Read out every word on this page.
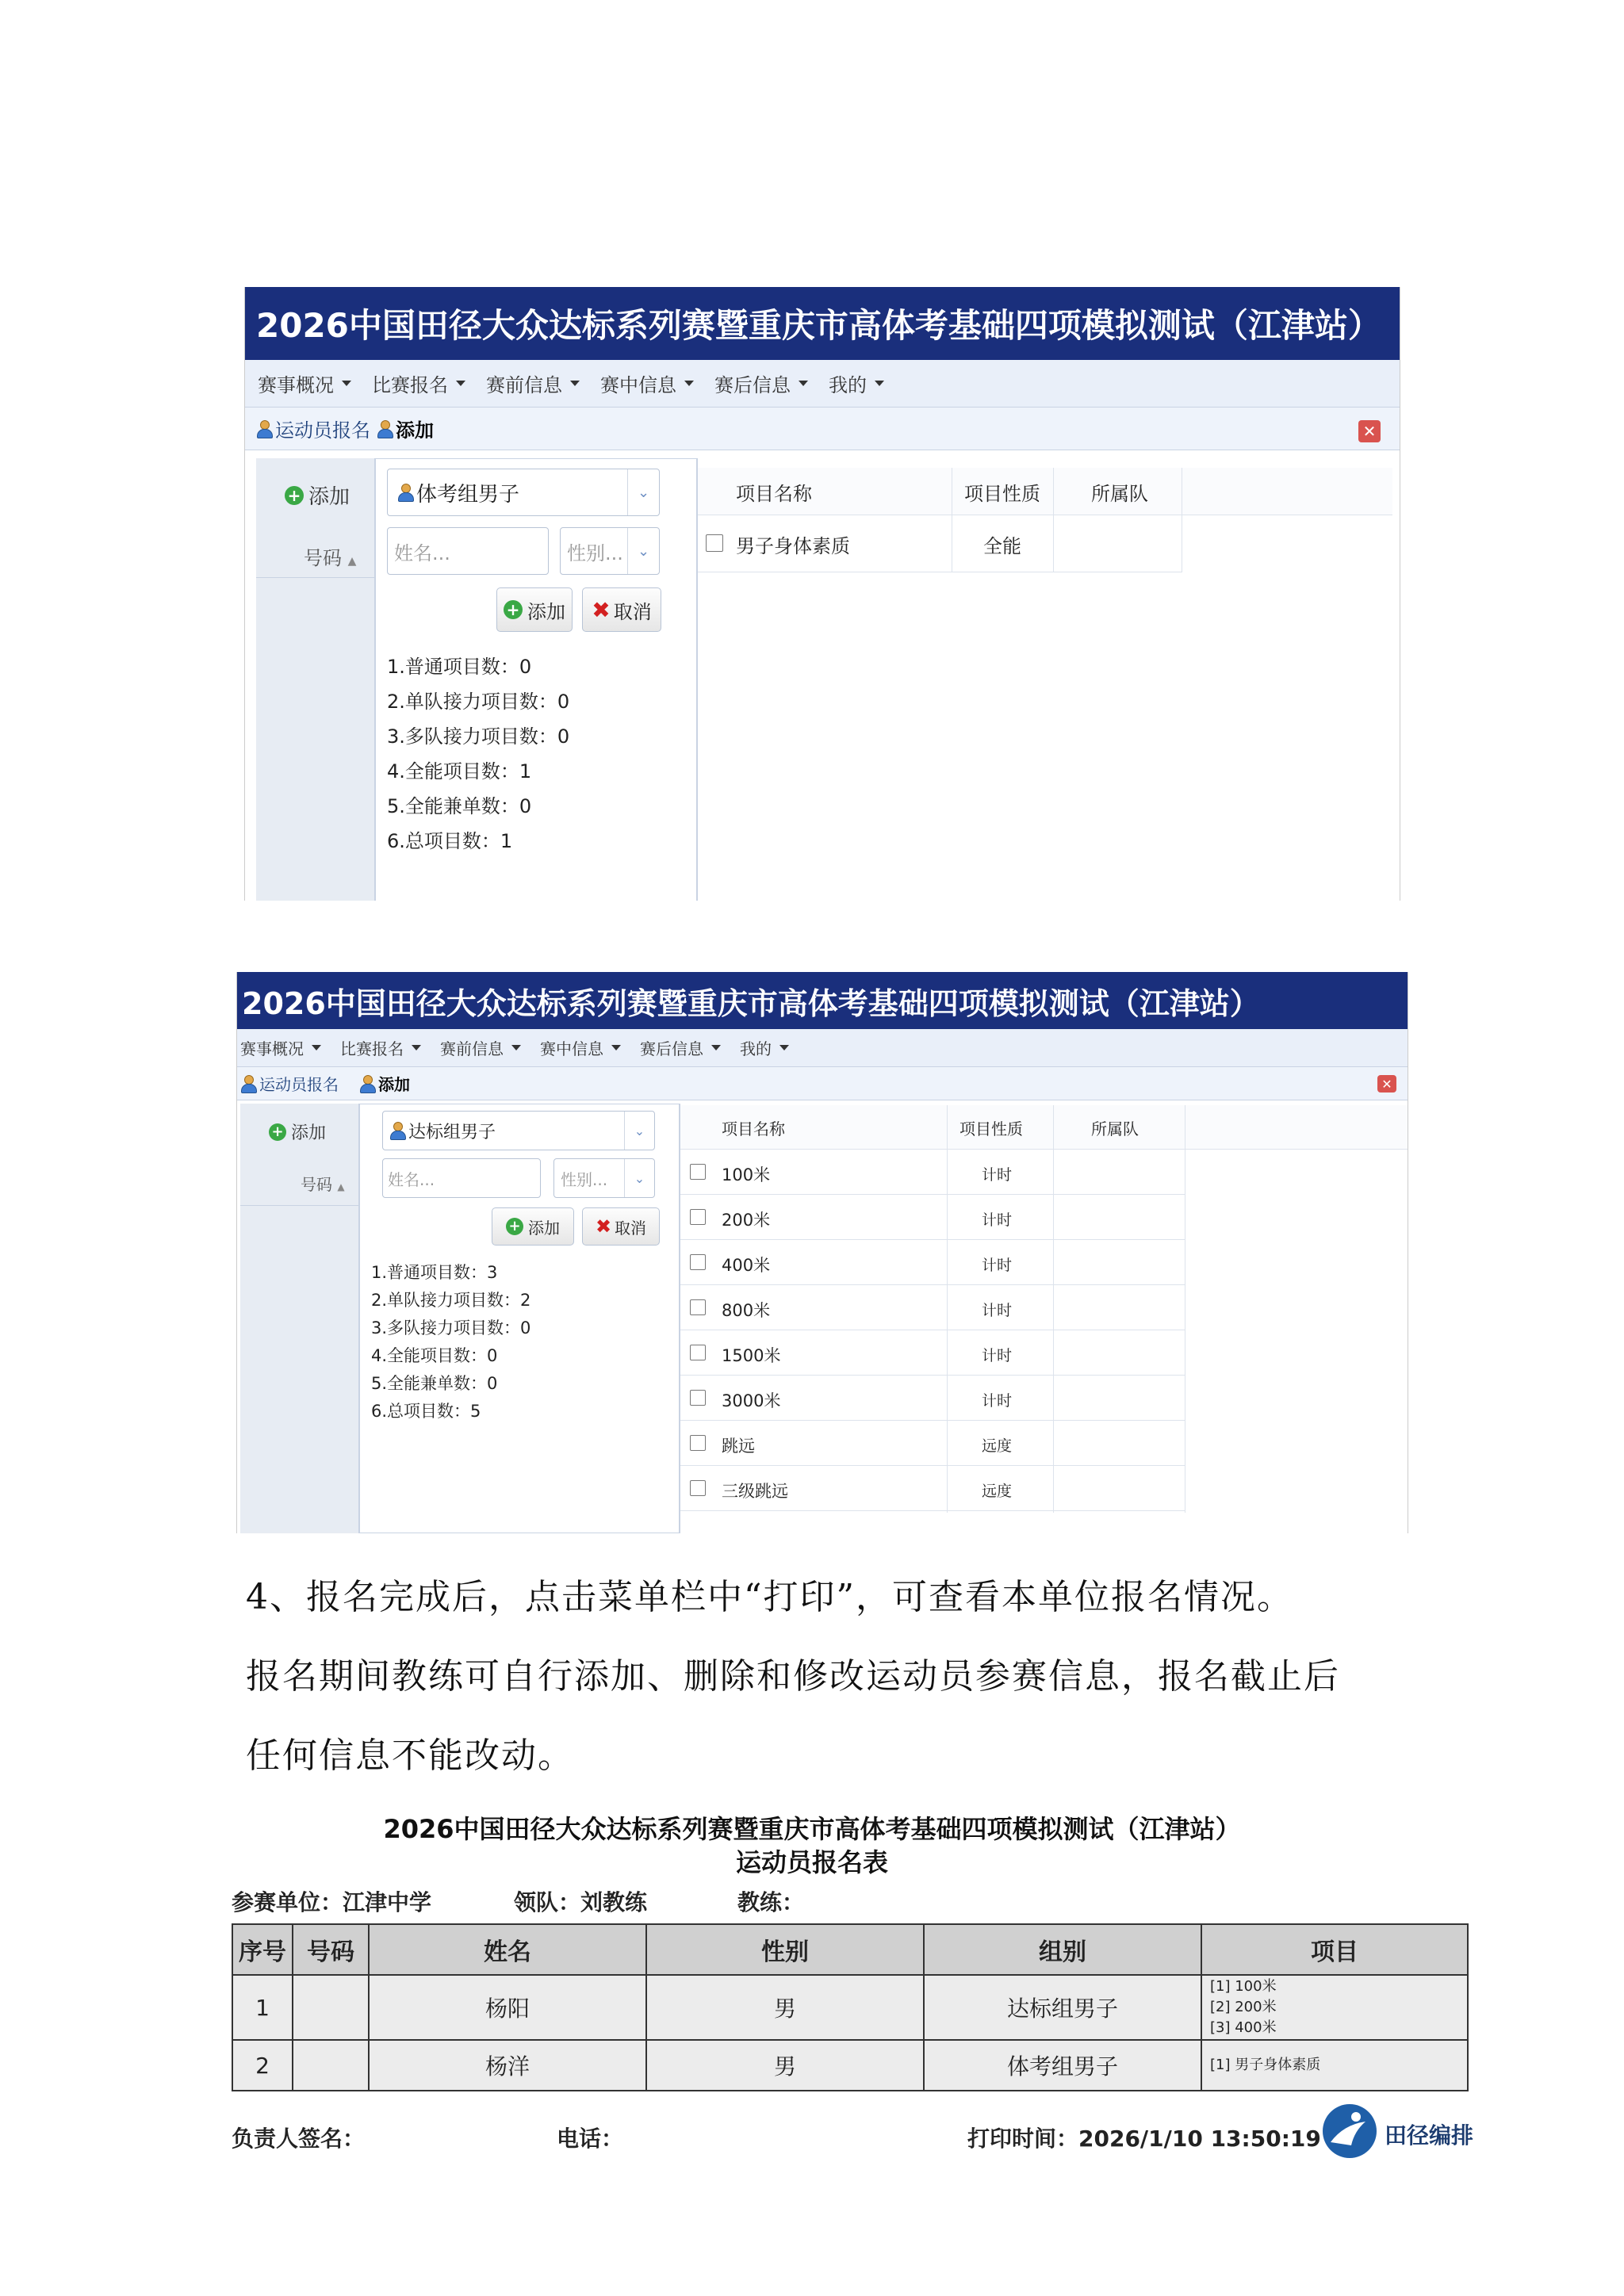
2026中国田径大众达标系列赛暨重庆市高体考基础四项模拟测试（江津站）
赛事概况 比赛报名 赛前信息 赛中信息 赛后信息 我的
运动员报名 添加	✕
+ 添加
号码 ▲
体考组男子	⌄
姓名...	性别...	⌄
+ 添加 ✖ 取消
1.普通项目数：0
2.单队接力项目数：0
3.多队接力项目数：0
4.全能项目数：1
5.全能兼单数：0
6.总项目数：1
项目名称	项目性质	所属队
男子身体素质	全能
2026中国田径大众达标系列赛暨重庆市高体考基础四项模拟测试（江津站）
赛事概况 比赛报名 赛前信息 赛中信息 赛后信息 我的
运动员报名	添加	✕
+ 添加
号码 ▲
达标组男子	⌄
姓名...	性别...	⌄
+ 添加 ✖ 取消
1.普通项目数：3
2.单队接力项目数：2
3.多队接力项目数：0
4.全能项目数：0
5.全能兼单数：0
6.总项目数：5
项目名称	项目性质	所属队
100米	计时
200米	计时
400米	计时
800米	计时
1500米	计时
3000米	计时
跳远	远度
三级跳远	远度
4、报名完成后，点击菜单栏中“打印”，可查看本单位报名情况。
报名期间教练可自行添加、删除和修改运动员参赛信息，报名截止后
任何信息不能改动。
2026中国田径大众达标系列赛暨重庆市高体考基础四项模拟测试（江津站）
运动员报名表
参赛单位：江津中学	领队：刘教练	教练：
序号	号码	姓名	性别	组别	项目
1		杨阳	男	达标组男子	[1] 100米
[2] 200米
[3] 400米

2		杨洋	男	体考组男子	[1] 男子身体素质
负责人签名：	电话：	打印时间：2026/1/10 13:50:19	田径编排
